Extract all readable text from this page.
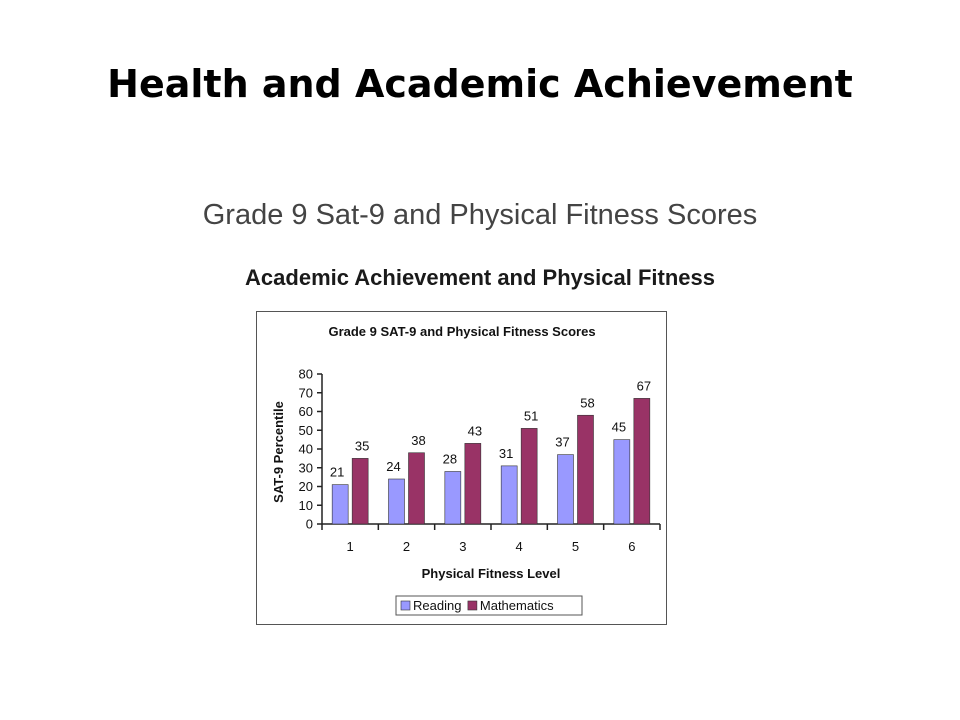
Health and Academic Achievement
Grade 9 Sat-9 and Physical Fitness Scores
Academic Achievement and Physical Fitness
Grade 9 SAT-9 and Physical Fitness Scores
SAT-9 Percentile
Physical Fitness Level
0
10
20
30
40
50
60
70
80
1	2	3	4	5	6
21
35
24
38
28
43
31
51
37
58
45
67
Reading Mathematics
